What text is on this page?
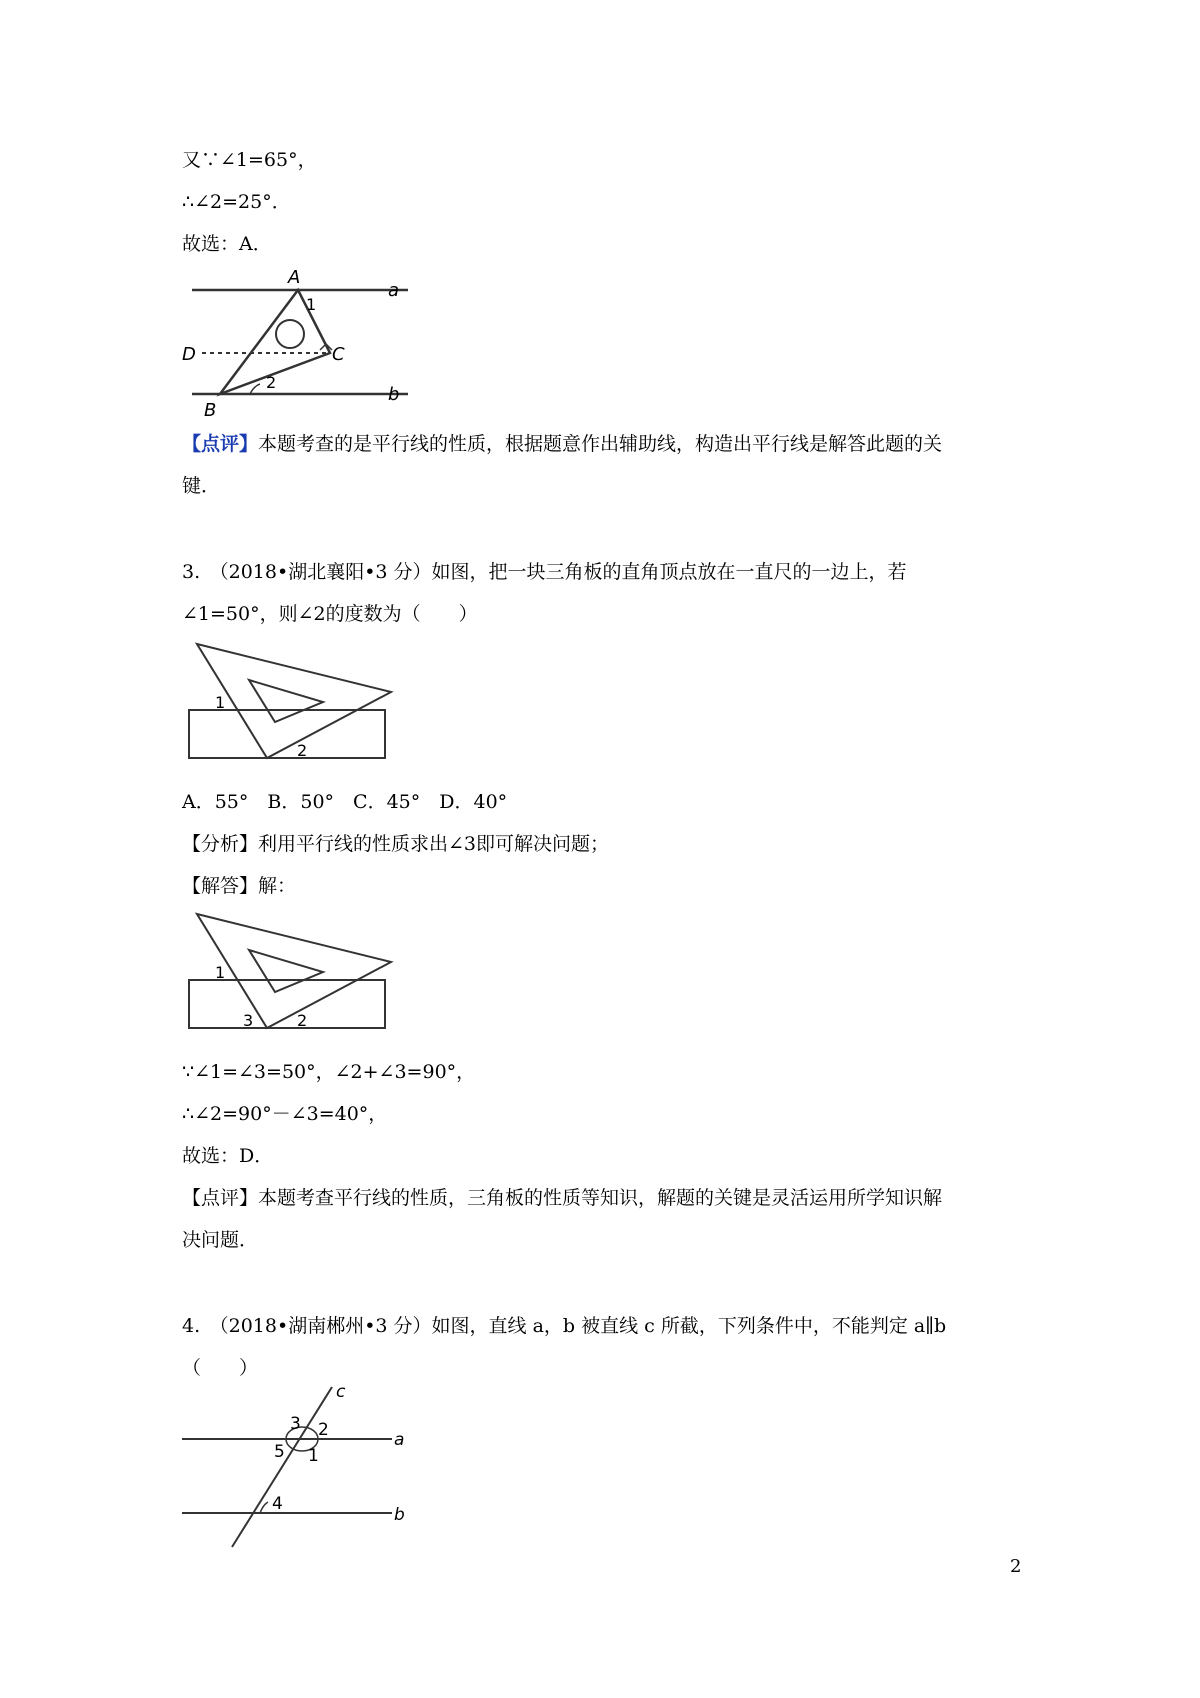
又∵∠1=65°，
∴∠2=25°．
故选：A．
A
a
1
D	C
2
b
B
【点评】本题考查的是平行线的性质，根据题意作出辅助线，构造出平行线是解答此题的关
键．
3.　（2018•湖北襄阳•3 分）如图，把一块三角板的直角顶点放在一直尺的一边上，若
∠1=50°，则∠2的度数为（　　）
1
2
A．55°　B．50°　C．45°　D．40°
【分析】利用平行线的性质求出∠3即可解决问题；
【解答】解：
1
2
3
∵∠1=∠3=50°，∠2+∠3=90°，
∴∠2=90°－∠3=40°，
故选：D．
【点评】本题考查平行线的性质，三角板的性质等知识，解题的关键是灵活运用所学知识解
决问题．
4.　（2018•湖南郴州•3 分）如图，直线 a，b 被直线 c 所截，下列条件中，不能判定 a∥b
（　　）
c
3 2	a
5 1
4
b
2
